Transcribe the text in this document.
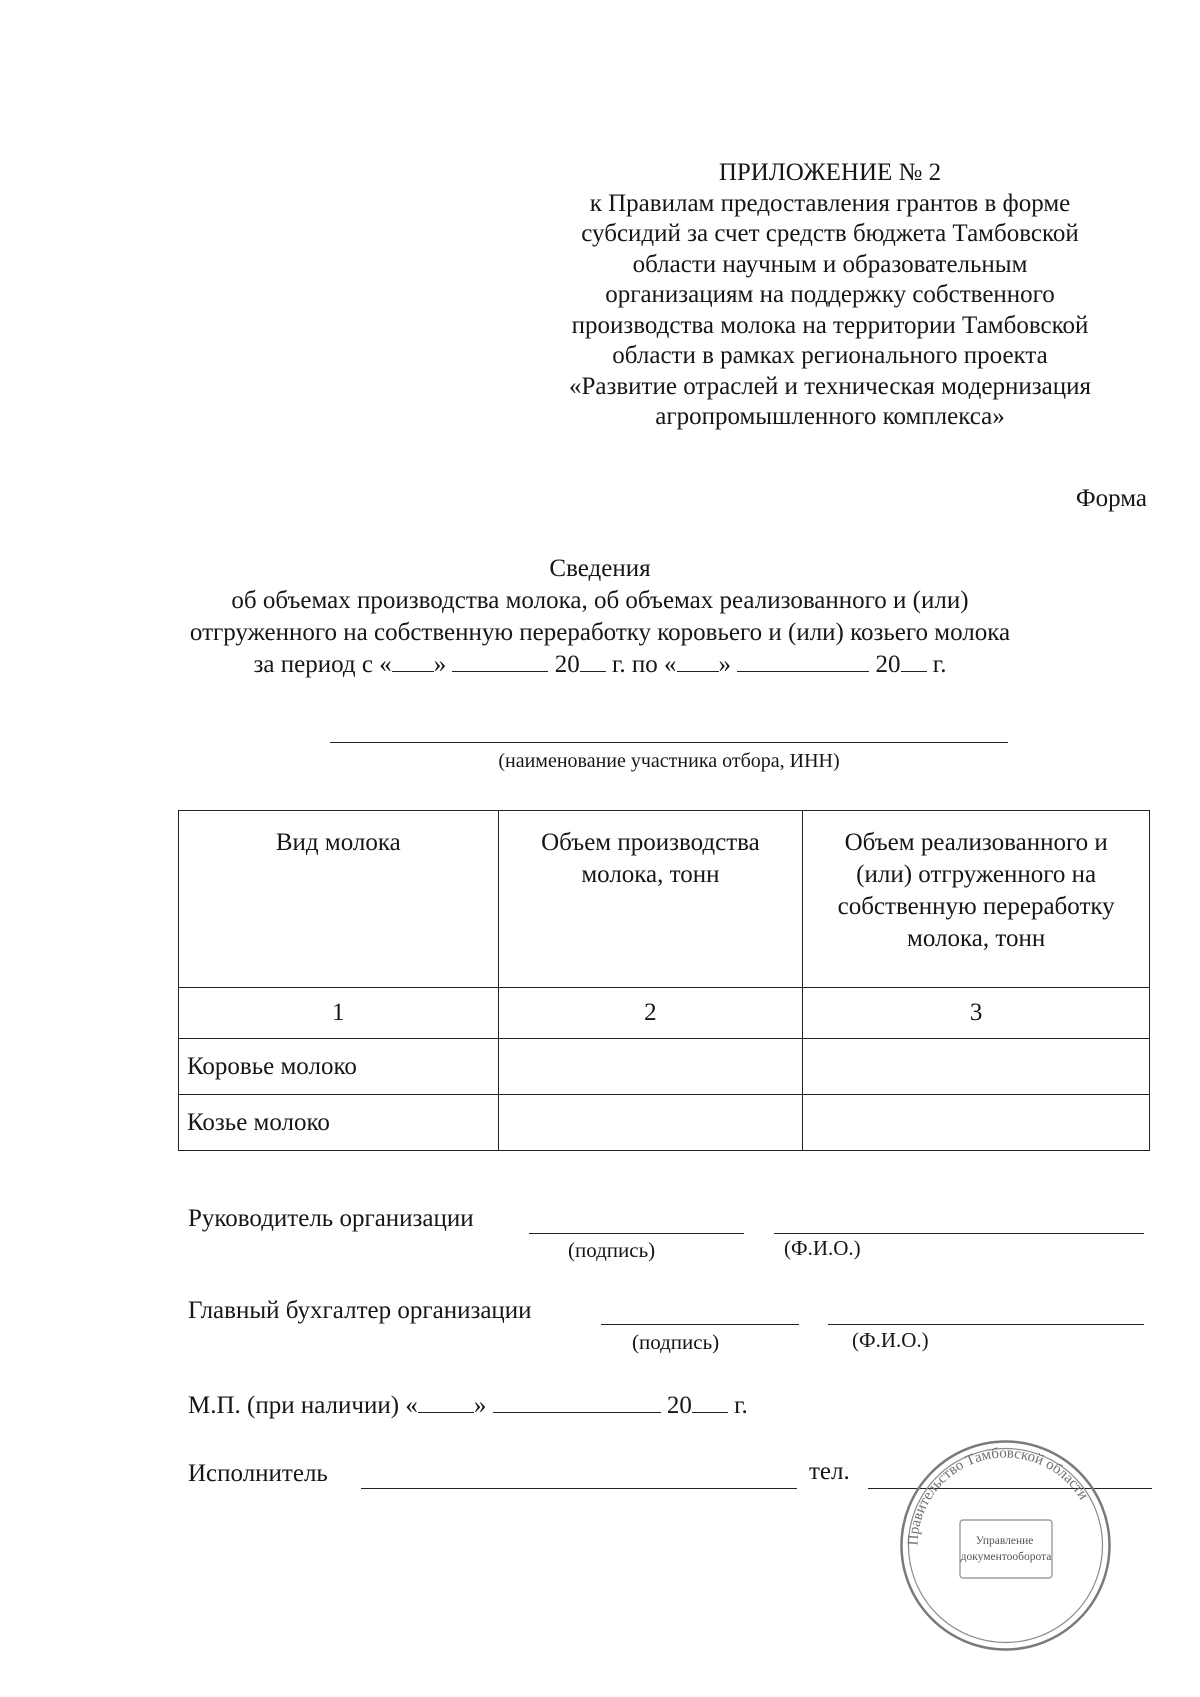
ПРИЛОЖЕНИЕ № 2
к Правилам предоставления грантов в форме
субсидий за счет средств бюджета Тамбовской
области научным и образовательным
организациям на поддержку собственного
производства молока на территории Тамбовской
области в рамках регионального проекта
«Развитие отраслей и техническая модернизация
агропромышленного комплекса»
Форма
Сведения
об объемах производства молока, об объемах реализованного и (или)
отгруженного на собственную переработку коровьего и (или) козьего молока
за период с « »	20 г. по « »	20 г.
(наименование участника отбора, ИНН)
Вид молока	Объем производства молока, тонн	Объем реализованного и (или) отгруженного на собственную переработку молока, тонн
1	2	3
Коровье молоко		
Козье молоко		
Руководитель организации
(подпись)	(Ф.И.О.)
Главный бухгалтер организации
(подпись)	(Ф.И.О.)
М.П. (при наличии) « »	20 г.
Исполнитель	тел.
Правительство Тамбовской области
Управление документооборота
